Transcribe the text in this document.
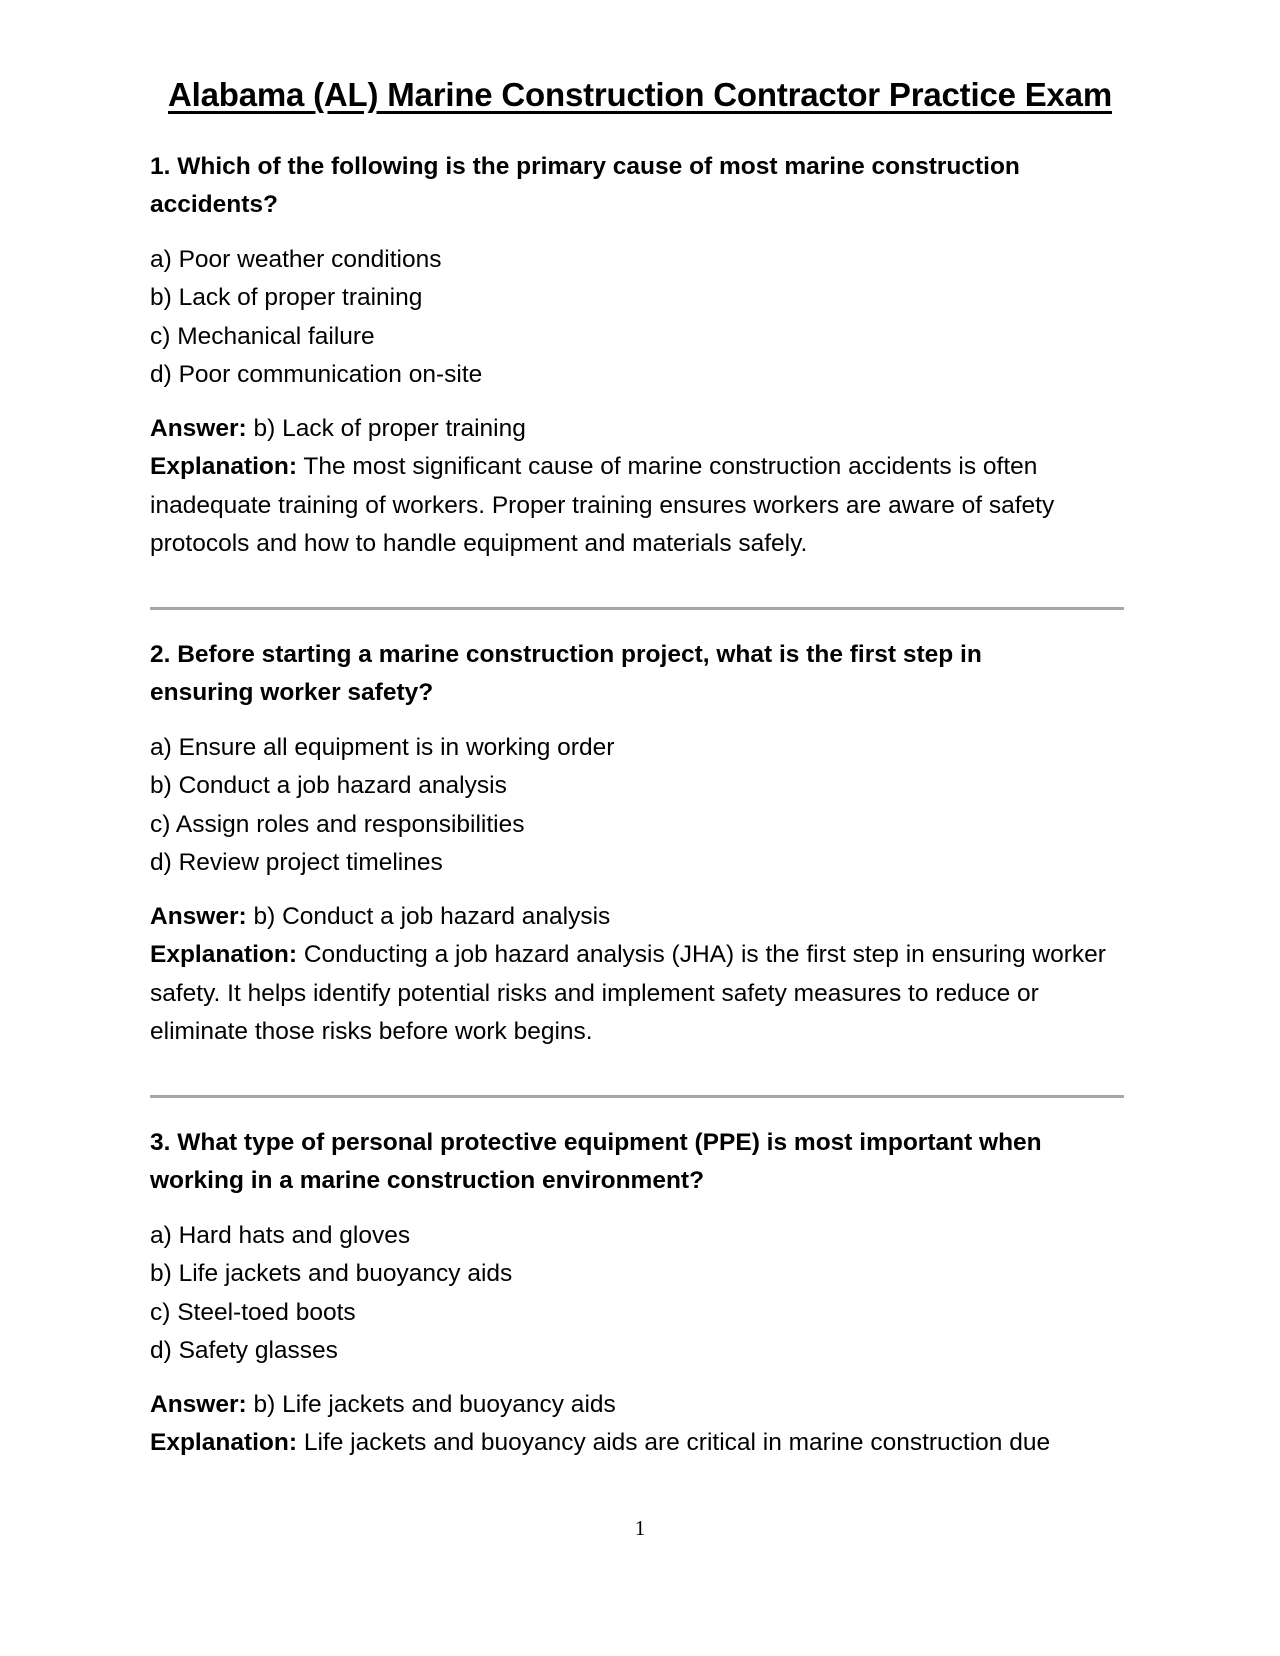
Alabama (AL) Marine Construction Contractor Practice Exam

1. Which of the following is the primary cause of most marine construction accidents?

a) Poor weather conditions
b) Lack of proper training
c) Mechanical failure
d) Poor communication on-site

Answer: b) Lack of proper training

Explanation: The most significant cause of marine construction accidents is often inadequate training of workers. Proper training ensures workers are aware of safety protocols and how to handle equipment and materials safely.

2. Before starting a marine construction project, what is the first step in ensuring worker safety?

a) Ensure all equipment is in working order
b) Conduct a job hazard analysis
c) Assign roles and responsibilities
d) Review project timelines

Answer: b) Conduct a job hazard analysis

Explanation: Conducting a job hazard analysis (JHA) is the first step in ensuring worker safety. It helps identify potential risks and implement safety measures to reduce or eliminate those risks before work begins.

3. What type of personal protective equipment (PPE) is most important when working in a marine construction environment?

a) Hard hats and gloves
b) Life jackets and buoyancy aids
c) Steel-toed boots
d) Safety glasses

Answer: b) Life jackets and buoyancy aids

Explanation: Life jackets and buoyancy aids are critical in marine construction due

1
